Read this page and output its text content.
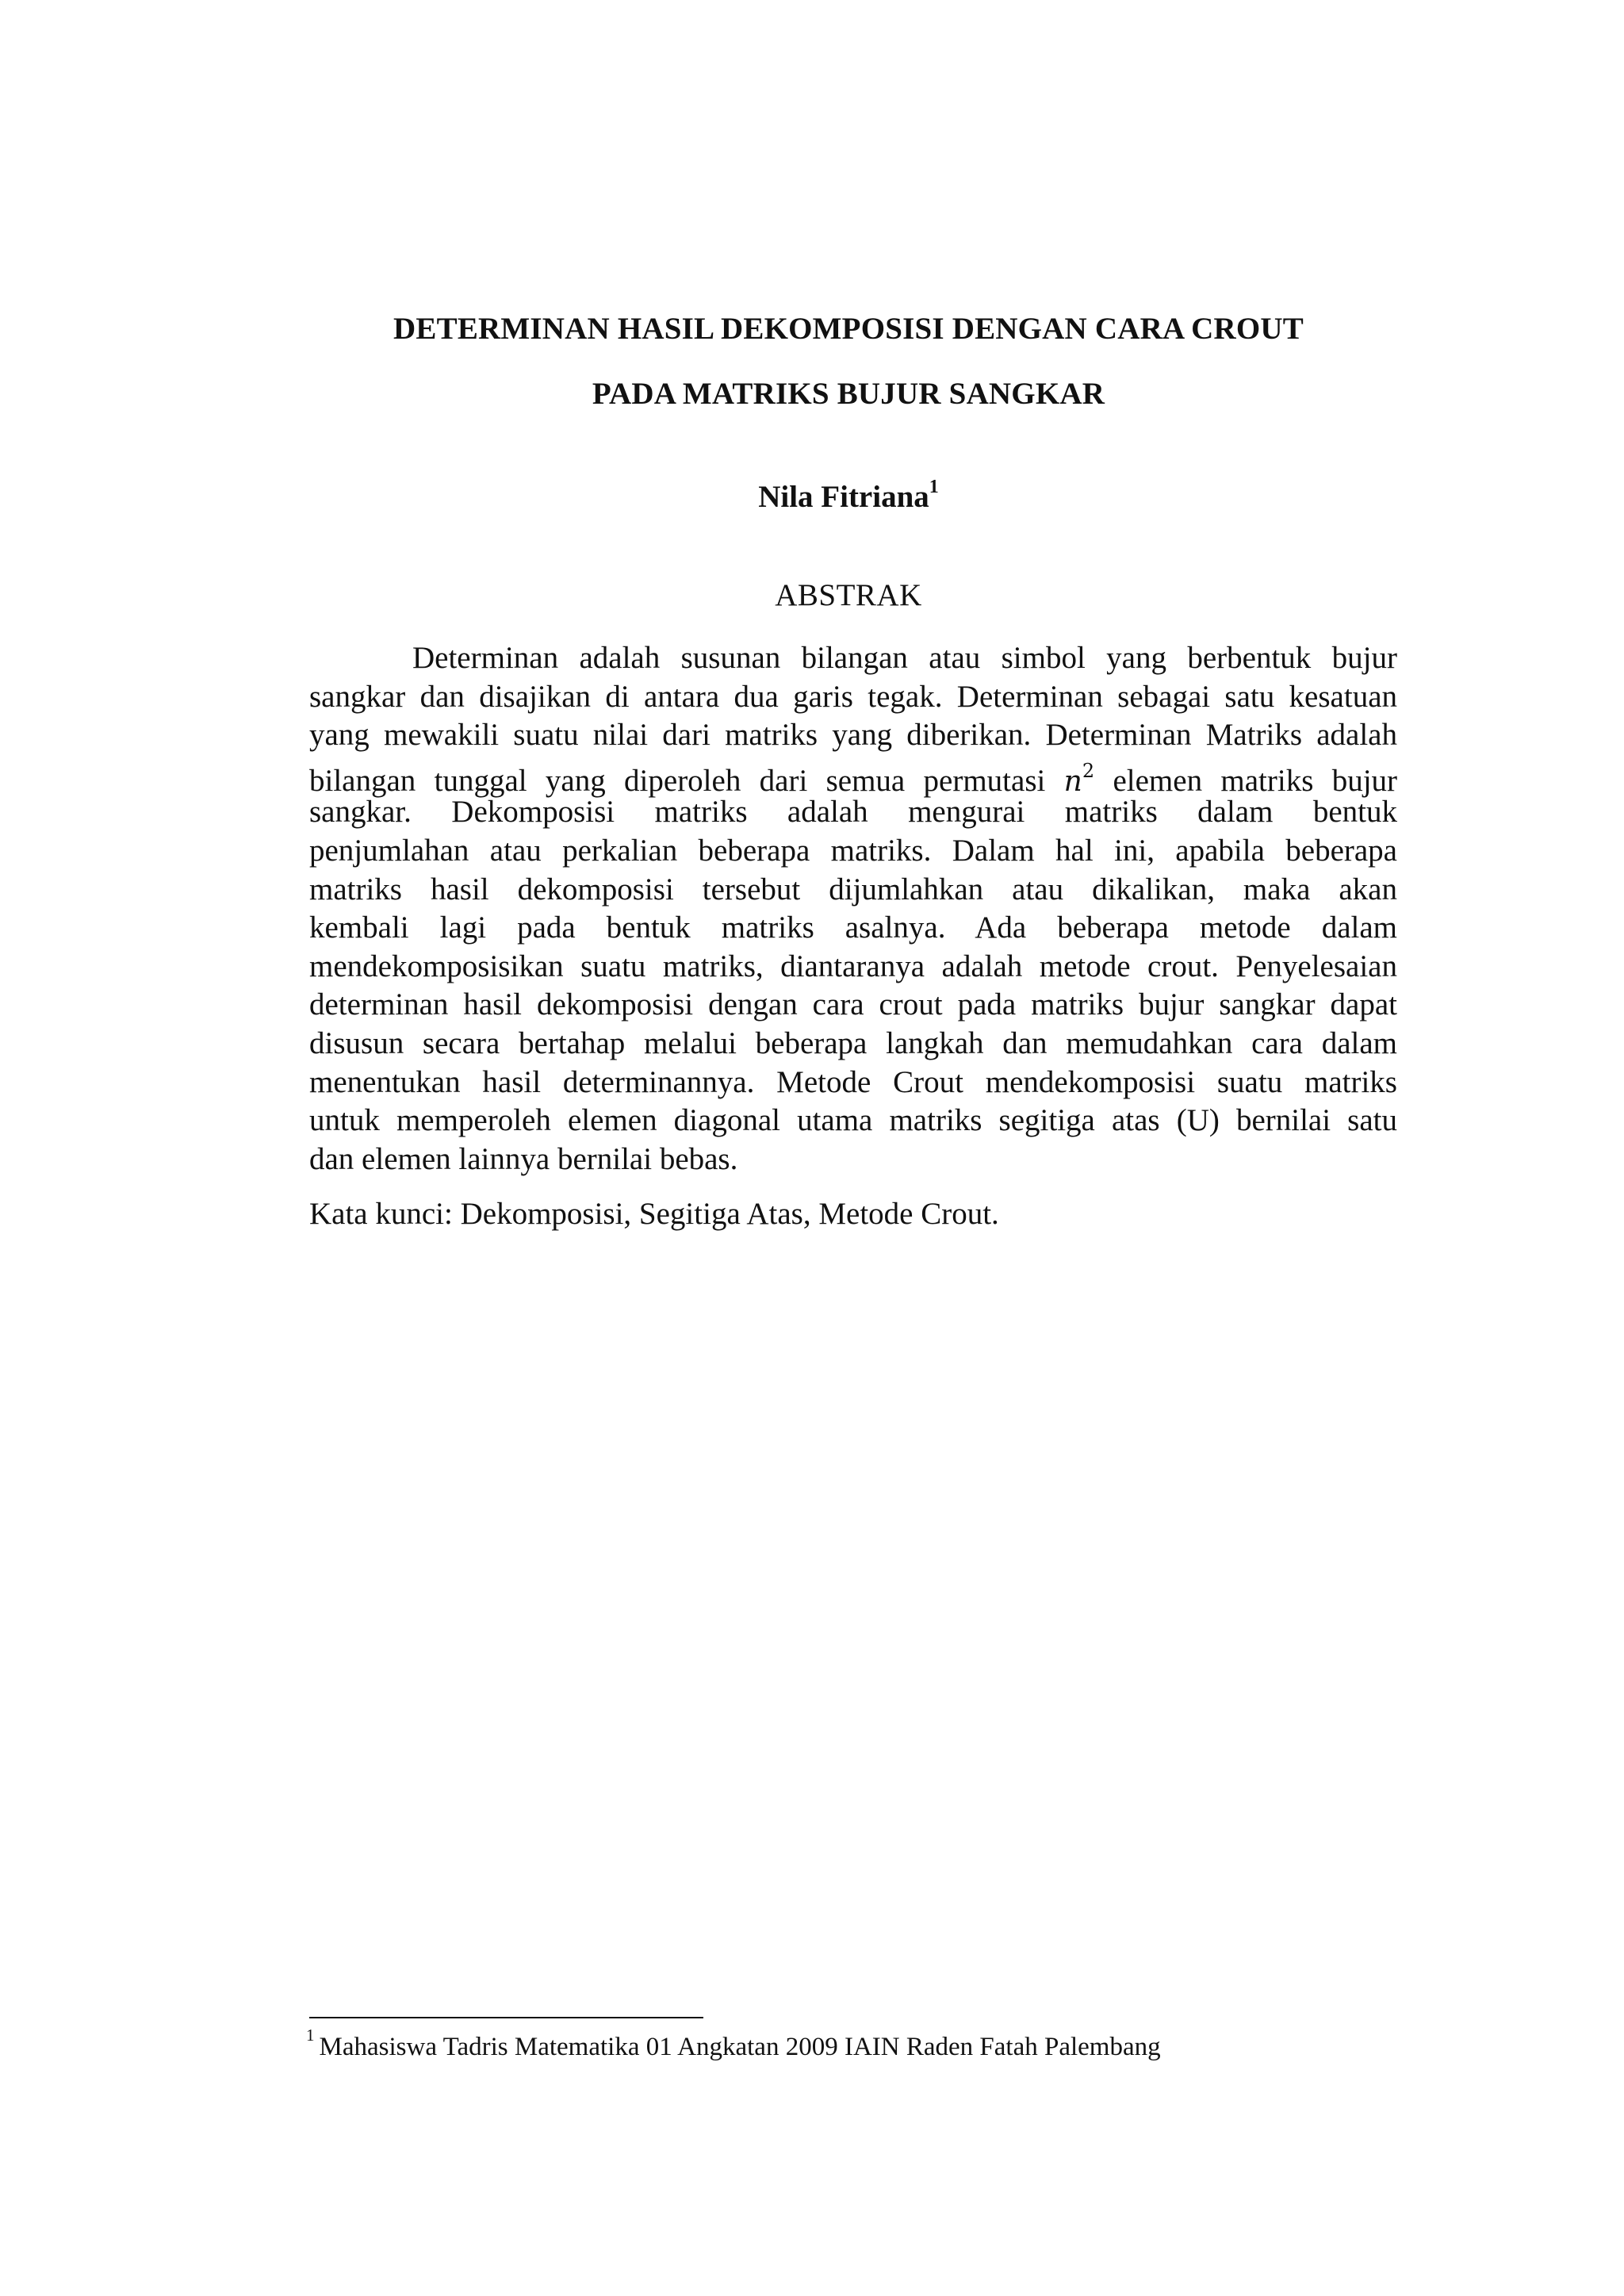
DETERMINAN HASIL DEKOMPOSISI DENGAN CARA CROUT
PADA MATRIKS BUJUR SANGKAR
Nila Fitriana$^1$
ABSTRAK
Determinan adalah susunan bilangan atau simbol yang berbentuk bujur
sangkar dan disajikan di antara dua garis tegak. Determinan sebagai satu kesatuan
yang mewakili suatu nilai dari matriks yang diberikan. Determinan Matriks adalah
bilangan tunggal yang diperoleh dari semua permutasi $n^2$ elemen matriks bujur
sangkar. Dekomposisi matriks adalah mengurai matriks dalam bentuk
penjumlahan atau perkalian beberapa matriks. Dalam hal ini, apabila beberapa
matriks hasil dekomposisi tersebut dijumlahkan atau dikalikan, maka akan
kembali lagi pada bentuk matriks asalnya. Ada beberapa metode dalam
mendekomposisikan suatu matriks, diantaranya adalah metode crout. Penyelesaian
determinan hasil dekomposisi dengan cara crout pada matriks bujur sangkar dapat
disusun secara bertahap melalui beberapa langkah dan memudahkan cara dalam
menentukan hasil determinannya. Metode Crout mendekomposisi suatu matriks
untuk memperoleh elemen diagonal utama matriks segitiga atas (U) bernilai satu
dan elemen lainnya bernilai bebas.
Kata kunci: Dekomposisi, Segitiga Atas, Metode Crout.
$^1$ Mahasiswa Tadris Matematika 01 Angkatan 2009 IAIN Raden Fatah Palembang
